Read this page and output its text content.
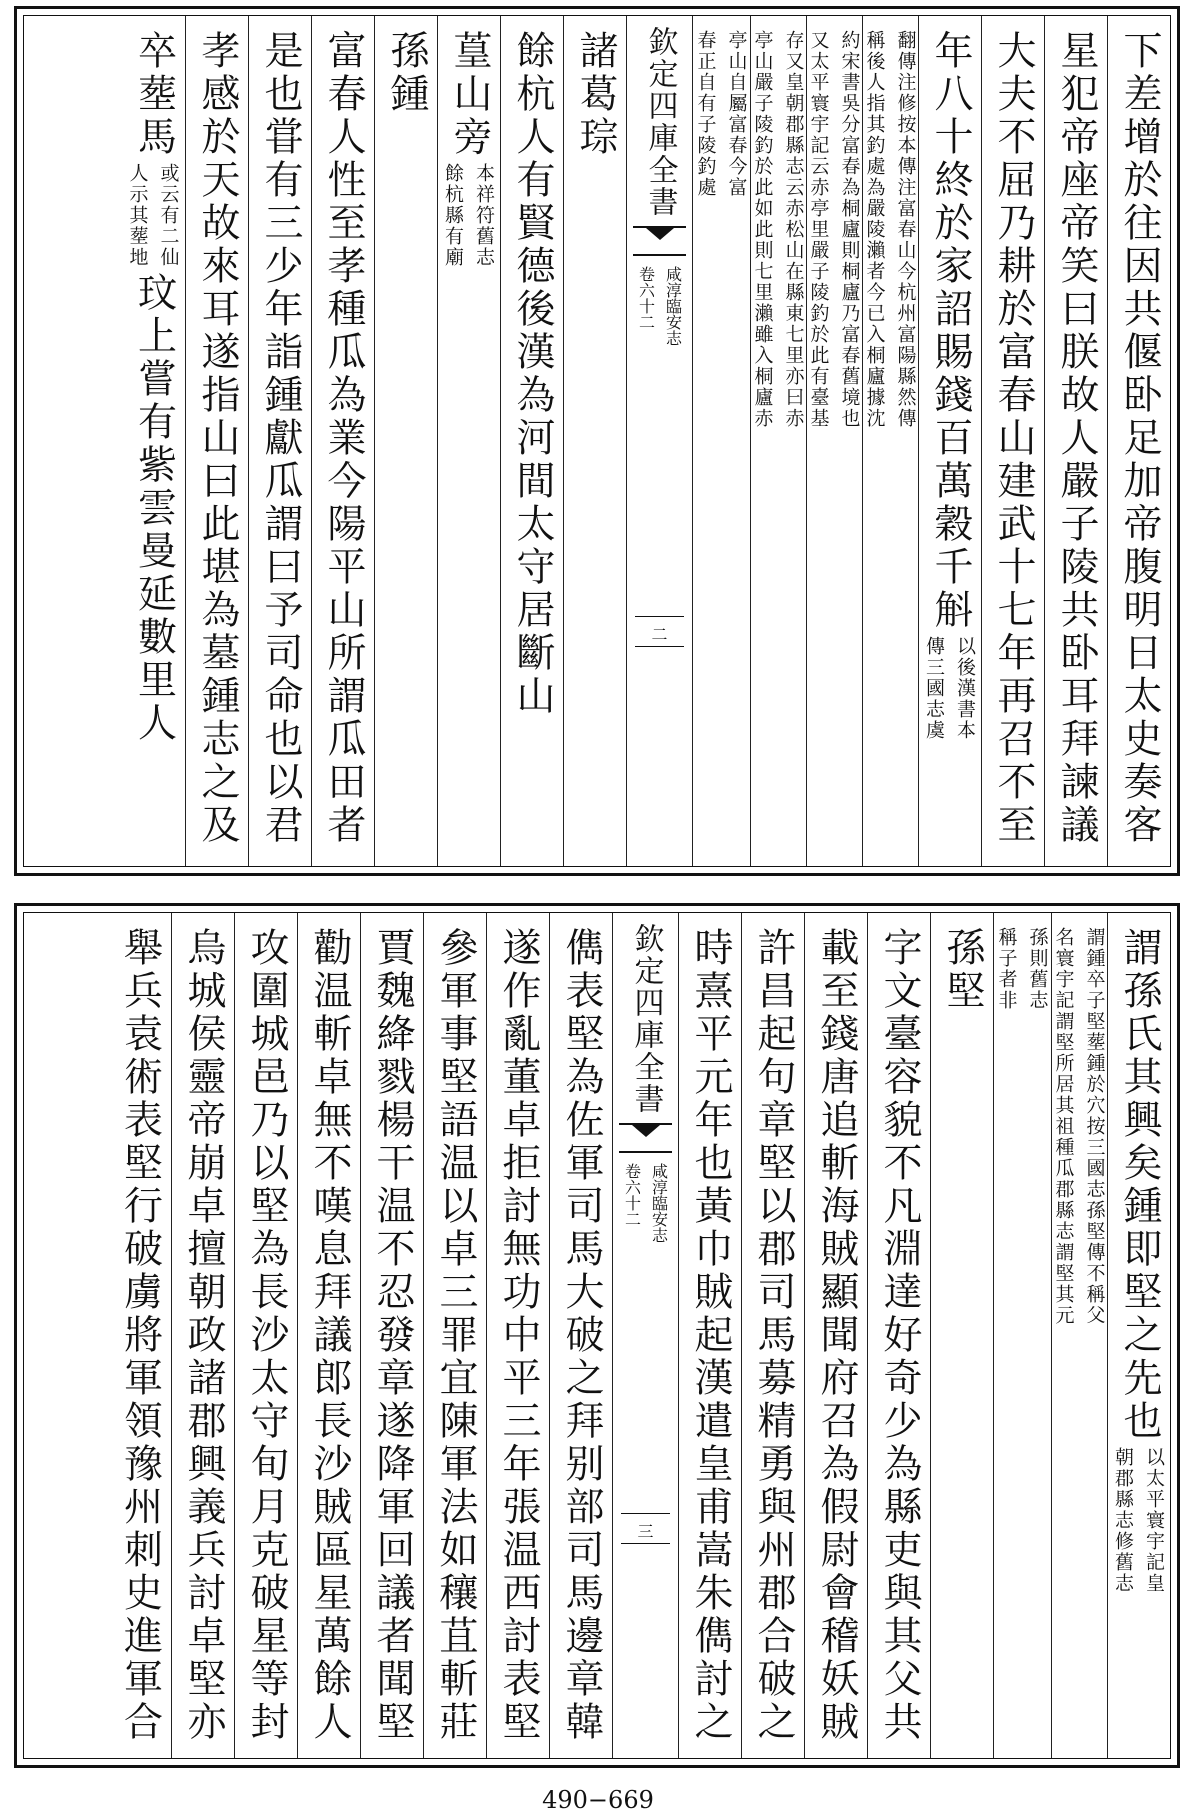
下差增於往因共偃卧足加帝腹明日太史奏客
星犯帝座帝笑曰朕故人嚴子陵共卧耳拜諫議
大夫不屈乃耕於富春山建武十七年再召不至
年八十終於家詔賜錢百萬穀千斛
以後漢書本
傳三國志虞
翻傳注修按本傳注富春山今杭州富陽縣然傳
稱後人指其釣處為嚴陵瀨者今已入桐廬據沈
約宋書吳分富春為桐廬則桐廬乃富春舊境也
又太平寰宇記云赤亭里嚴子陵釣於此有臺基
存又皇朝郡縣志云赤松山在縣東七里亦曰赤
亭山嚴子陵釣於此如此則七里瀨雖入桐廬赤
亭山自屬富春今富
春正自有子陵釣處
欽定四庫全書
咸淳臨安志
卷六十二
二
諸葛琮
餘杭人有賢德後漢為河間太守居斷山
葟山旁
本祥符舊志
餘杭縣有廟
孫鍾
富春人性至孝種瓜為業今陽平山所謂瓜田者
是也甞有三少年詣鍾獻瓜謂曰予司命也以君
孝感於天故來耳遂指山曰此堪為墓鍾志之及
卒塟馬
或云有二仙
人示其塟地
玟上嘗有紫雲曼延數里人
謂孫氏其興矣鍾即堅之先也
以太平寰宇記皇
朝郡縣志修舊志
謂鍾卒子堅塟鍾於穴按三國志孫堅傳不稱父
名寰宇記謂堅所居其祖種瓜郡縣志謂堅其元
孫則舊志
稱子者非
孫堅
字文臺容貌不凡淵達好奇少為縣吏與其父共
載至錢唐追斬海賊顯聞府召為假尉會稽妖賊
許昌起句章堅以郡司馬募精勇與州郡合破之
時熹平元年也黃巾賊起漢遣皇甫嵩朱儁討之
欽定四庫全書
咸淳臨安志
卷六十二
三
儁表堅為佐軍司馬大破之拜别部司馬邊章韓
遂作亂董卓拒討無功中平三年張温西討表堅
參軍事堅語温以卓三罪宜陳軍法如穰苴斬莊
賈魏絳戮楊干温不忍發章遂降軍回議者聞堅
勸温斬卓無不嘆息拜議郎長沙賊區星萬餘人
攻圍城邑乃以堅為長沙太守旬月克破星等封
烏城侯靈帝崩卓擅朝政諸郡興義兵討卓堅亦
舉兵袁術表堅行破虜將軍領豫州刺史進軍合
490−669
